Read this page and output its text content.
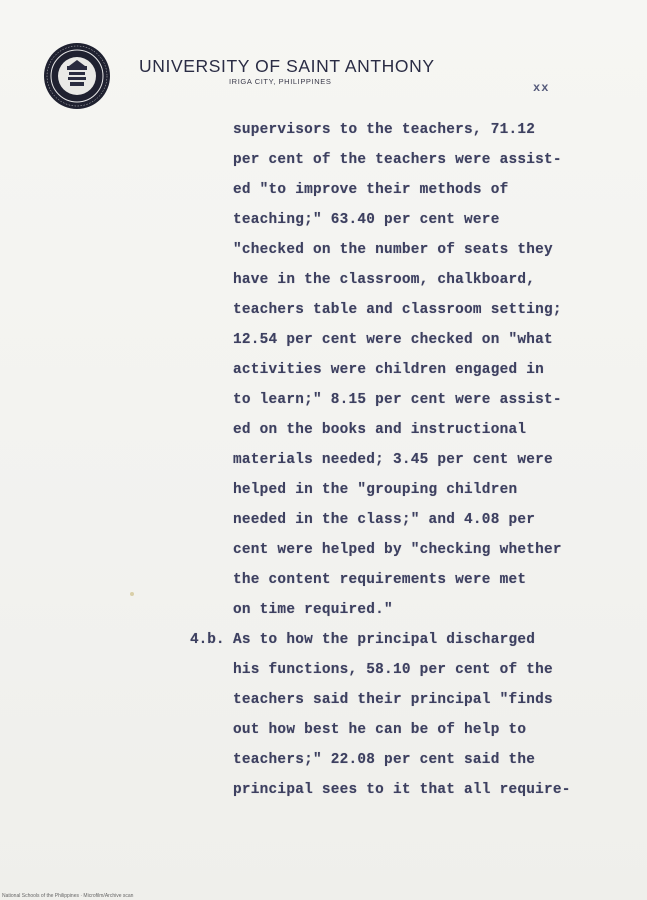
UNIVERSITY OF SAINT ANTHONY
IRIGA CITY, PHILIPPINES	xx
supervisors to the teachers, 71.12
per cent of the teachers were assist-
ed "to improve their methods of
teaching;" 63.40 per cent were
"checked on the number of seats they
have in the classroom, chalkboard,
teachers table and classroom setting;
12.54 per cent were checked on "what
activities were children engaged in
to learn;" 8.15 per cent were assist-
ed on the books and instructional
materials needed; 3.45 per cent were
helped in the "grouping children
needed in the class;" and 4.08 per
cent were helped by "checking whether
the content requirements were met
on time required."
4.b. As to how the principal discharged
his functions, 58.10 per cent of the
teachers said their principal "finds
out how best he can be of help to
teachers;" 22.08 per cent said the
principal sees to it that all require-
National Schools of the Philippines · Microfilm/Archive scan
